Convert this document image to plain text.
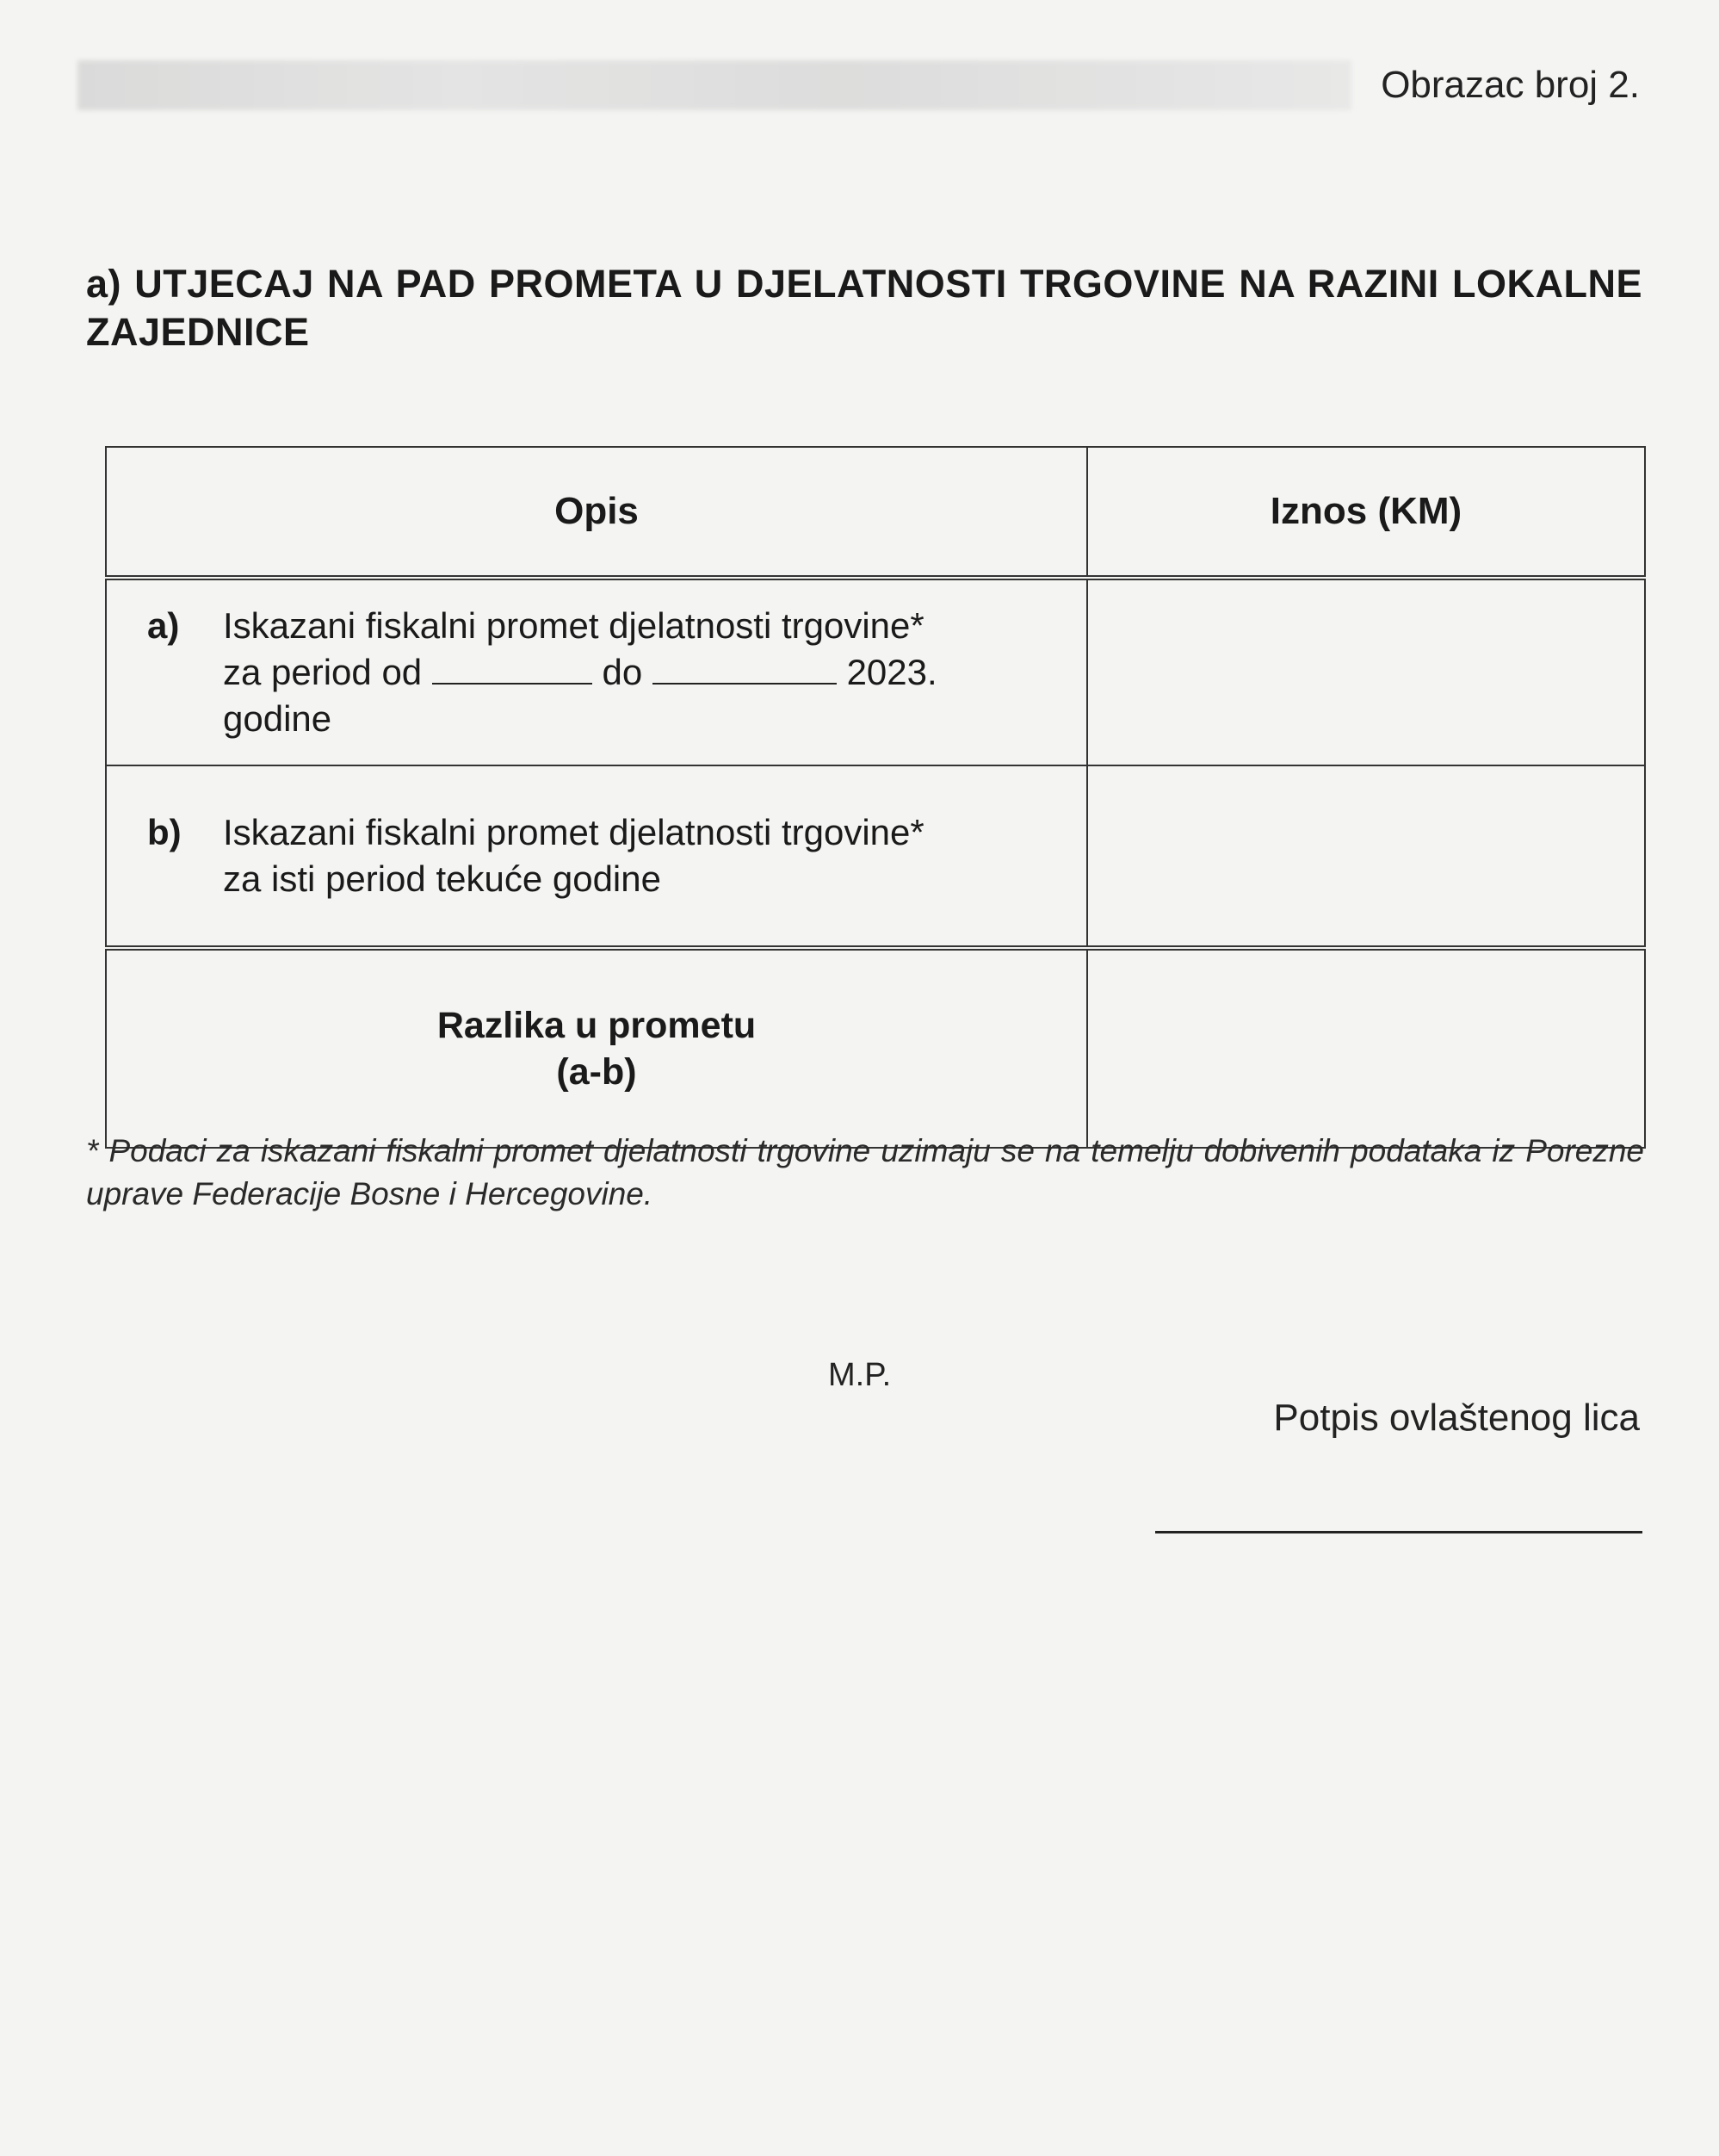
Obrazac broj 2.
a) UTJECAJ NA PAD PROMETA U DJELATNOSTI TRGOVINE NA RAZINI LOKALNE ZAJEDNICE
Opis	Iznos (KM)

a) Iskazani fiskalni promet djelatnosti trgovine*
za period od do 2023.
godine	

b) Iskazani fiskalni promet djelatnosti trgovine*
za isti period tekuće godine	

Razlika u prometu
(a-b)	
* Podaci za iskazani fiskalni promet djelatnosti trgovine uzimaju se na temelju dobivenih podataka iz Porezne uprave Federacije Bosne i Hercegovine.
M.P.
Potpis ovlaštenog lica
